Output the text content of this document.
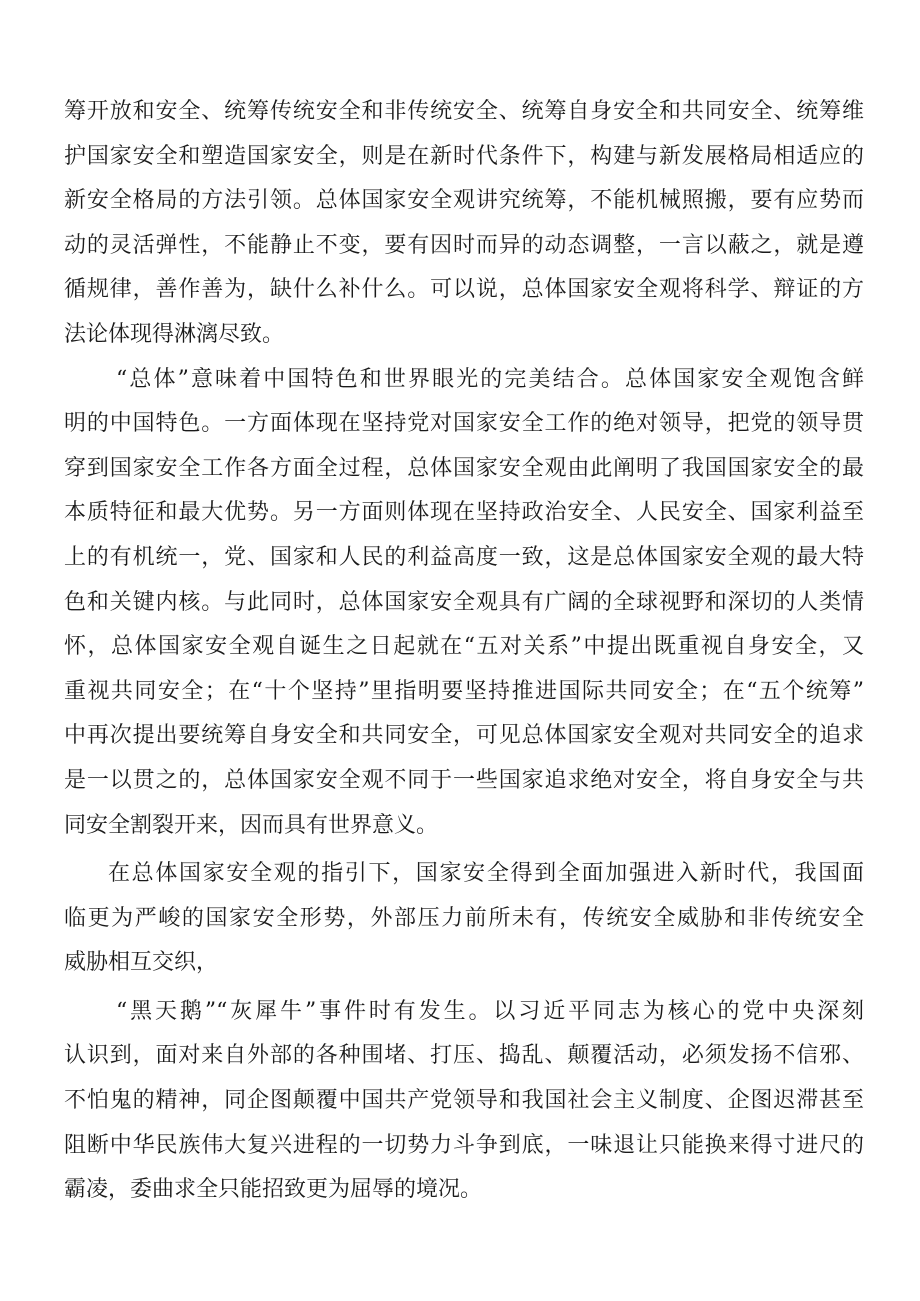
筹开放和安全、统筹传统安全和非传统安全、统筹自身安全和共同安全、统筹维
护国家安全和塑造国家安全，则是在新时代条件下，构建与新发展格局相适应的
新安全格局的方法引领。总体国家安全观讲究统筹，不能机械照搬，要有应势而
动的灵活弹性，不能静止不变，要有因时而异的动态调整，一言以蔽之，就是遵
循规律，善作善为，缺什么补什么。可以说，总体国家安全观将科学、辩证的方
法论体现得淋漓尽致。
“总体”意味着中国特色和世界眼光的完美结合。总体国家安全观饱含鲜
明的中国特色。一方面体现在坚持党对国家安全工作的绝对领导，把党的领导贯
穿到国家安全工作各方面全过程，总体国家安全观由此阐明了我国国家安全的最
本质特征和最大优势。另一方面则体现在坚持政治安全、人民安全、国家利益至
上的有机统一，党、国家和人民的利益高度一致，这是总体国家安全观的最大特
色和关键内核。与此同时，总体国家安全观具有广阔的全球视野和深切的人类情
怀，总体国家安全观自诞生之日起就在“五对关系”中提出既重视自身安全，又
重视共同安全；在“十个坚持”里指明要坚持推进国际共同安全；在“五个统筹”
中再次提出要统筹自身安全和共同安全，可见总体国家安全观对共同安全的追求
是一以贯之的，总体国家安全观不同于一些国家追求绝对安全，将自身安全与共
同安全割裂开来，因而具有世界意义。
在总体国家安全观的指引下，国家安全得到全面加强进入新时代，我国面
临更为严峻的国家安全形势，外部压力前所未有，传统安全威胁和非传统安全
威胁相互交织，
“黑天鹅”“灰犀牛”事件时有发生。以习近平同志为核心的党中央深刻
认识到，面对来自外部的各种围堵、打压、捣乱、颠覆活动，必须发扬不信邪、
不怕鬼的精神，同企图颠覆中国共产党领导和我国社会主义制度、企图迟滞甚至
阻断中华民族伟大复兴进程的一切势力斗争到底，一味退让只能换来得寸进尺的
霸凌，委曲求全只能招致更为屈辱的境况。
